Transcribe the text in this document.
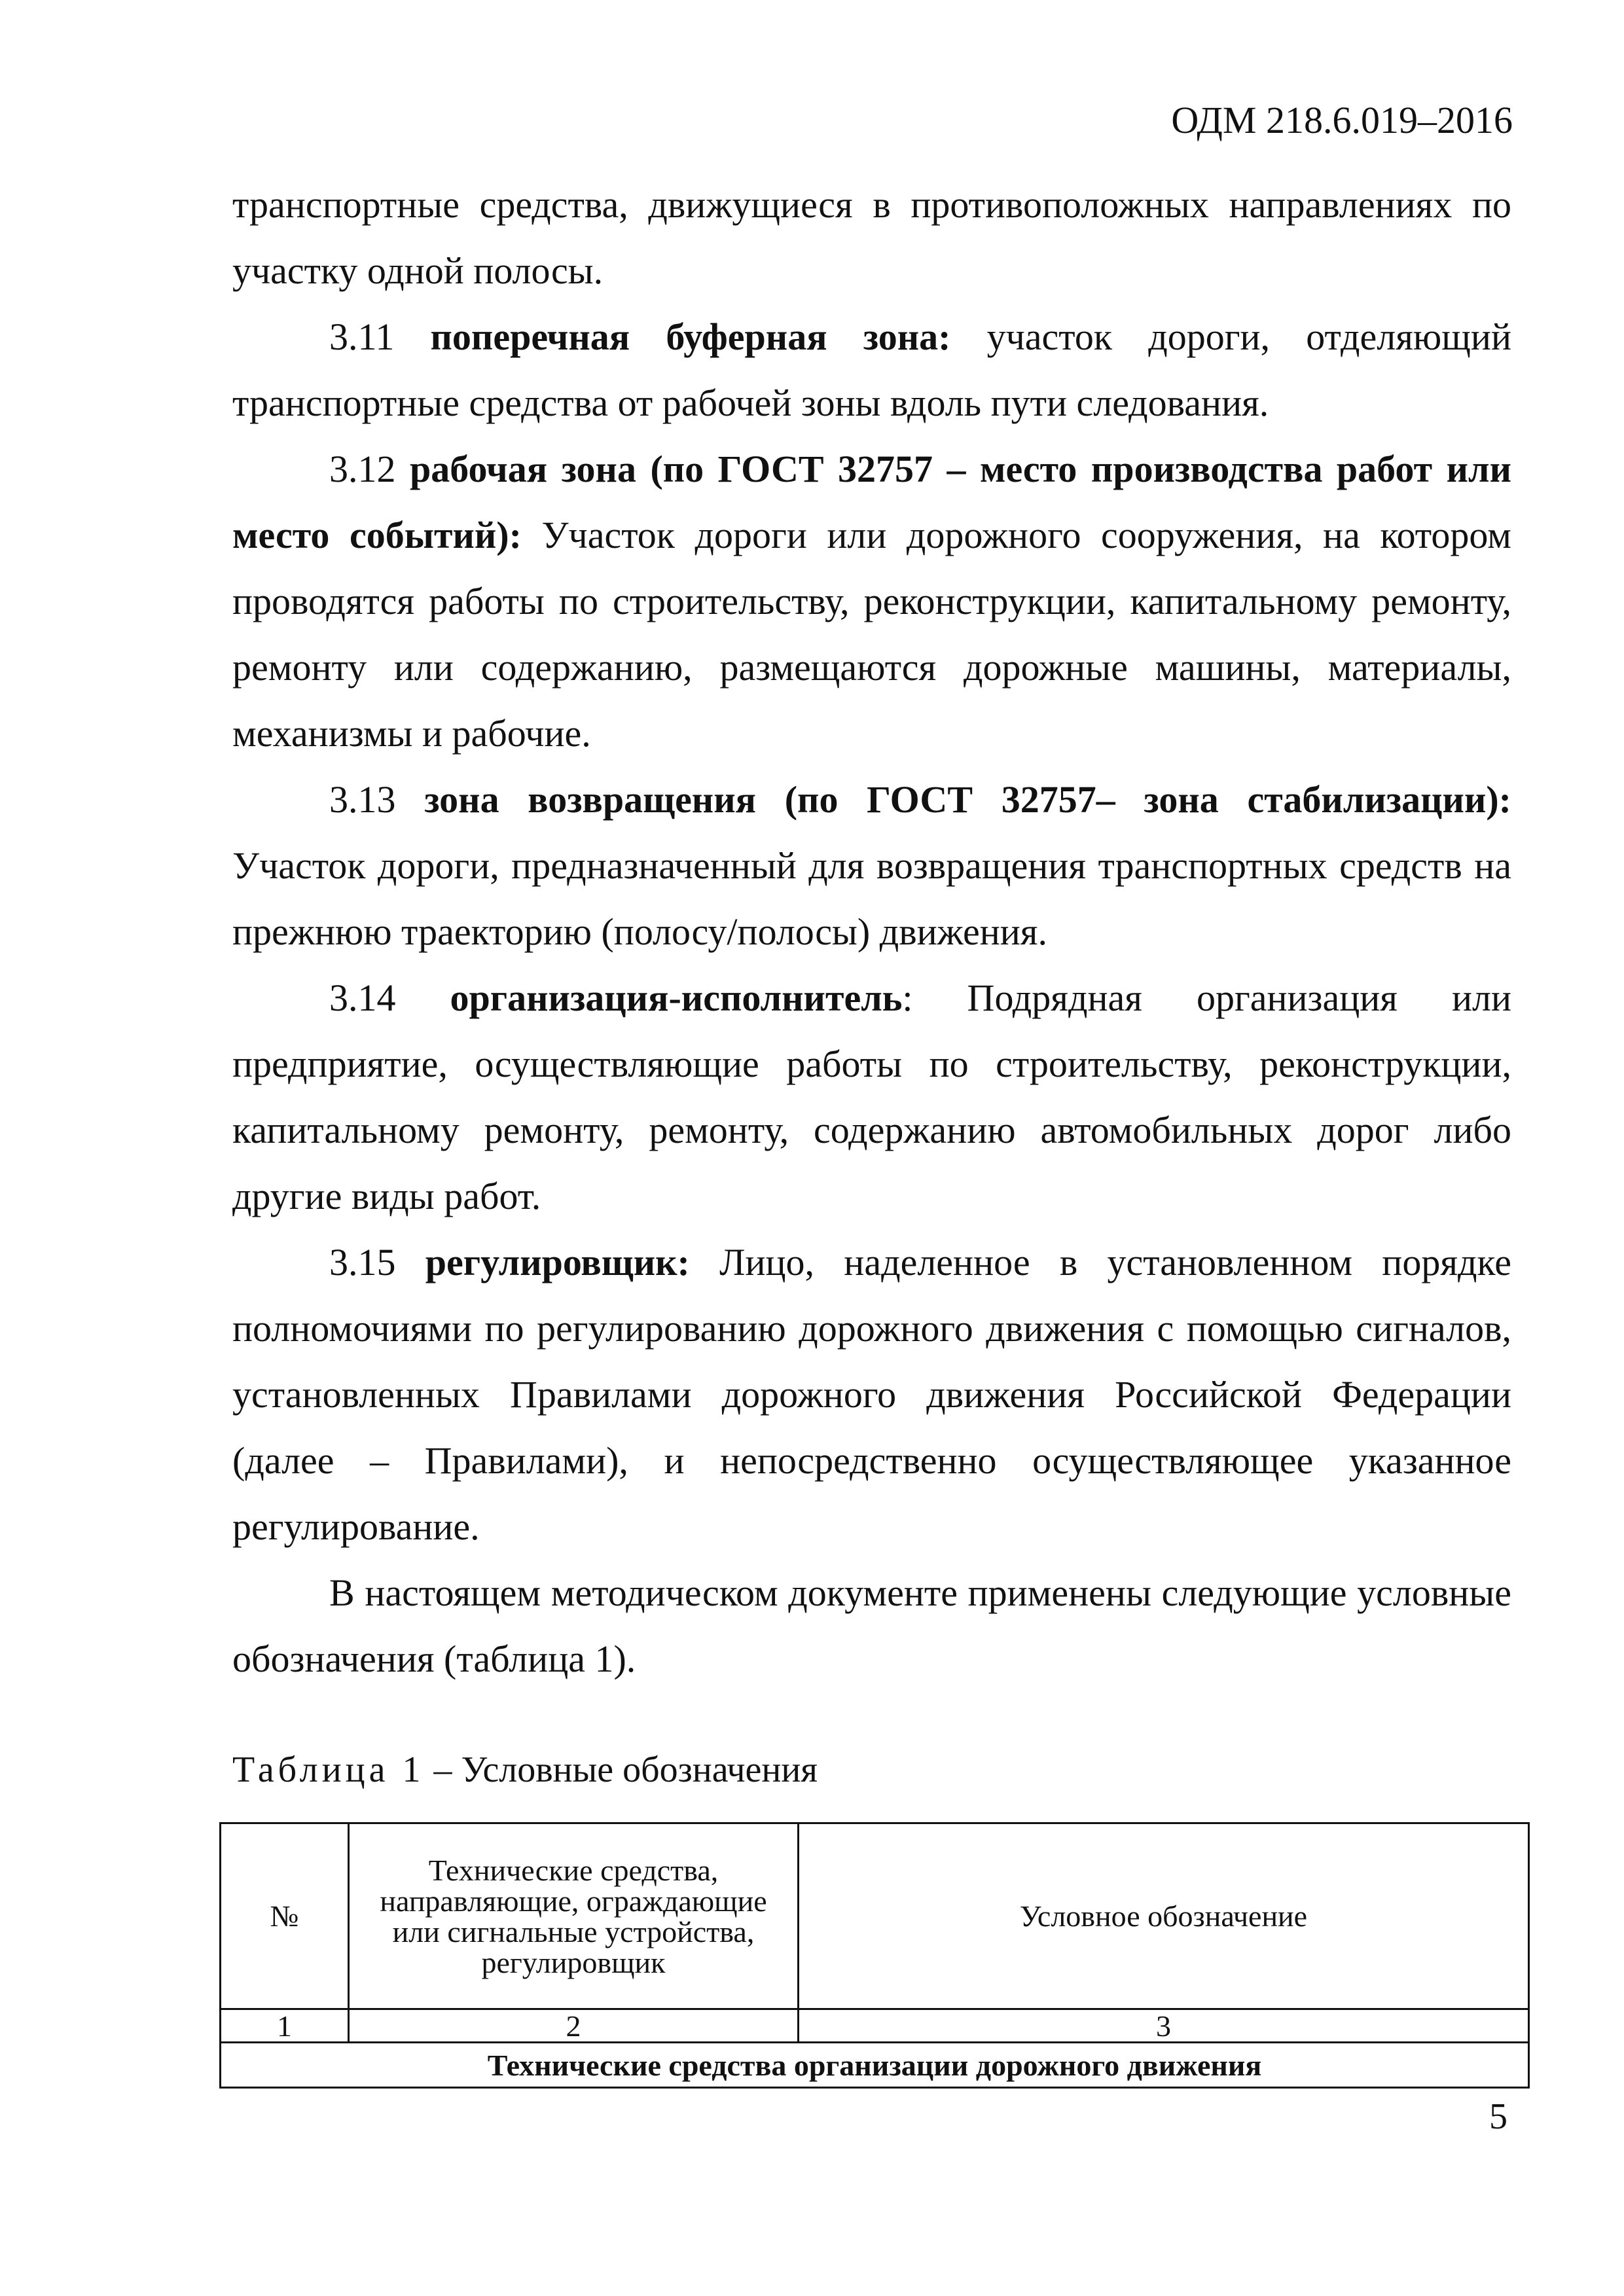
ОДМ 218.6.019–2016

транспортные средства, движущиеся в противоположных направлениях по участку одной полосы.

3.11 поперечная буферная зона: участок дороги, отделяющий транспортные средства от рабочей зоны вдоль пути следования.

3.12 рабочая зона (по ГОСТ 32757 – место производства работ или место событий): Участок дороги или дорожного сооружения, на котором проводятся работы по строительству, реконструкции, капитальному ремонту, ремонту или содержанию, размещаются дорожные машины, материалы, механизмы и рабочие.

3.13 зона возвращения (по ГОСТ 32757– зона стабилизации): Участок дороги, предназначенный для возвращения транспортных средств на прежнюю траекторию (полосу/полосы) движения.

3.14 организация-исполнитель: Подрядная организация или предприятие, осуществляющие работы по строительству, реконструкции, капитальному ремонту, ремонту, содержанию автомобильных дорог либо другие виды работ.

3.15 регулировщик: Лицо, наделенное в установленном порядке полномочиями по регулированию дорожного движения с помощью сигналов, установленных Правилами дорожного движения Российской Федерации (далее – Правилами), и непосредственно осуществляющее указанное регулирование.

В настоящем методическом документе применены следующие условные обозначения (таблица 1).

Таблица 1 – Условные обозначения
№	Технические средства, направляющие, ограждающие или сигнальные устройства, регулировщик	Условное обозначение
1	2	3
Технические средства организации дорожного движения		
5
